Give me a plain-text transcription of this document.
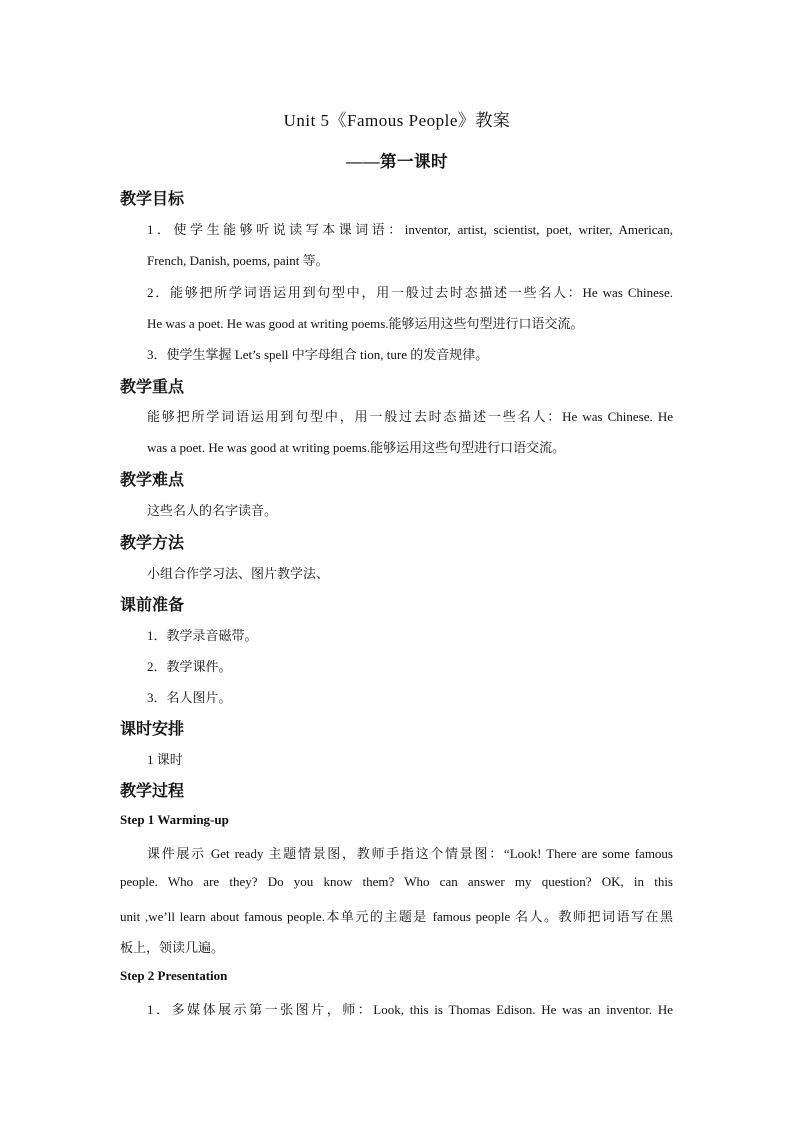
Unit 5《Famous People》教案
——第一课时
教学目标
1．使学生能够听说读写本课词语：inventor, artist, scientist, poet, writer, American,
French, Danish, poems, paint 等。
2．能够把所学词语运用到句型中，用一般过去时态描述一些名人：He was Chinese.
He was a poet. He was good at writing poems.能够运用这些句型进行口语交流。
3．使学生掌握 Let’s spell 中字母组合 tion, ture 的发音规律。
教学重点
能够把所学词语运用到句型中，用一般过去时态描述一些名人：He was Chinese. He
was a poet. He was good at writing poems.能够运用这些句型进行口语交流。
教学难点
这些名人的名字读音。
教学方法
小组合作学习法、图片教学法、
课前准备
1．教学录音磁带。
2．教学课件。
3．名人图片。
课时安排
1 课时
教学过程
Step 1 Warming-up
课件展示 Get ready 主题情景图，教师手指这个情景图：“Look! There are some famous
people. Who are they? Do you know them? Who can answer my question? OK, in this
unit ,we’ll learn about famous people.本单元的主题是 famous people 名人。教师把词语写在黑
板上，领读几遍。
Step 2 Presentation
1．多媒体展示第一张图片，师：Look, this is Thomas Edison. He was an inventor. He
